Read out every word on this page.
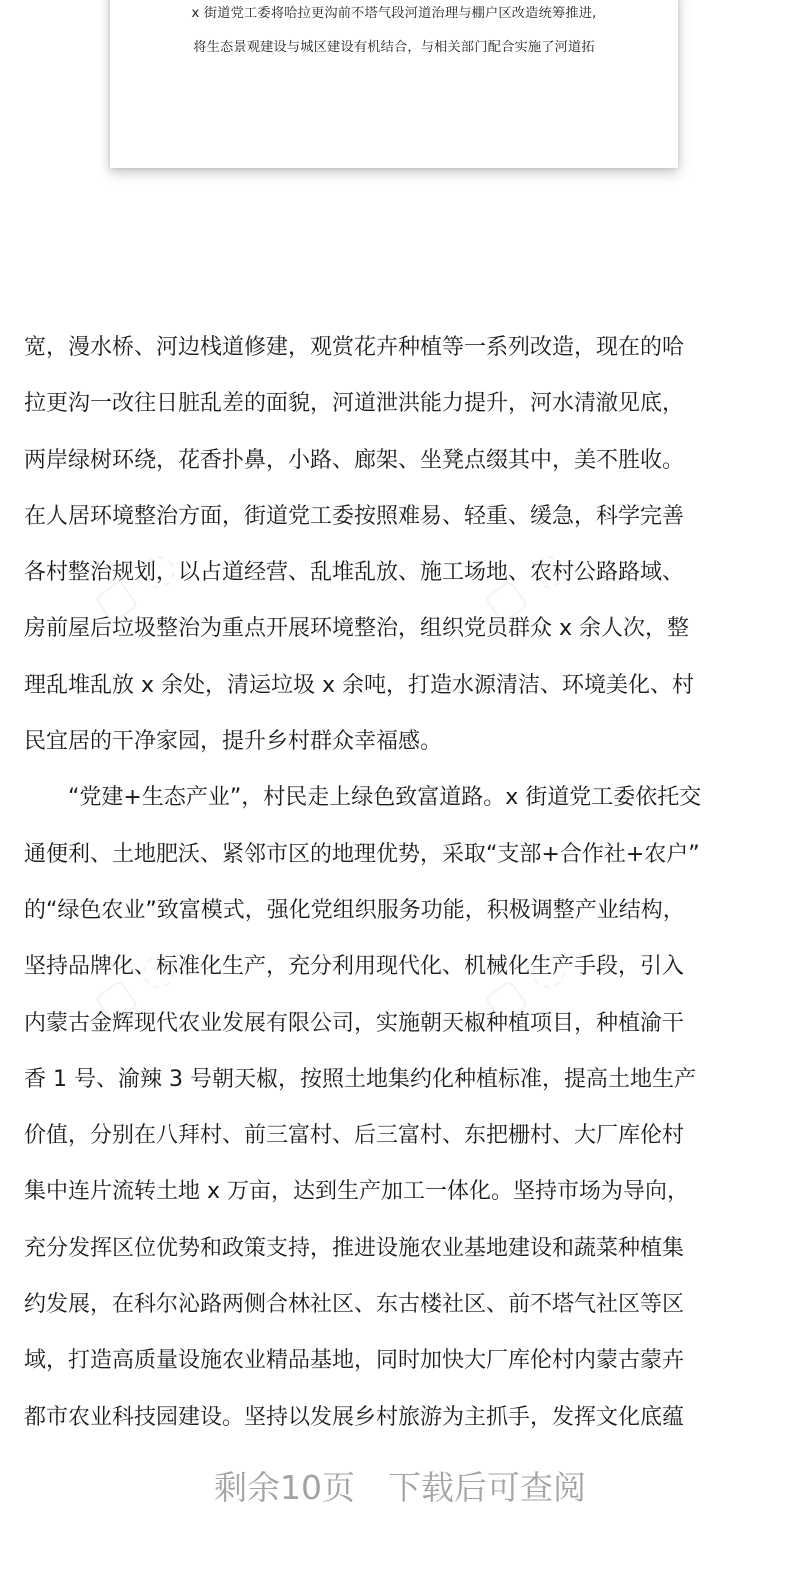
x 街道党工委将哈拉更沟前不塔气段河道治理与棚户区改造统筹推进,
将生态景观建设与城区建设有机结合，与相关部门配合实施了河道拓
宽，漫水桥、河边栈道修建，观赏花卉种植等一系列改造，现在的哈
拉更沟一改往日脏乱差的面貌，河道泄洪能力提升，河水清澈见底，
两岸绿树环绕，花香扑鼻，小路、廊架、坐凳点缀其中，美不胜收。
在人居环境整治方面，街道党工委按照难易、轻重、缓急，科学完善
各村整治规划，以占道经营、乱堆乱放、施工场地、农村公路路域、
房前屋后垃圾整治为重点开展环境整治，组织党员群众 x 余人次，整
理乱堆乱放 x 余处，清运垃圾 x 余吨，打造水源清洁、环境美化、村
民宜居的干净家园，提升乡村群众幸福感。
　　“党建+生态产业”，村民走上绿色致富道路。x 街道党工委依托交
通便利、土地肥沃、紧邻市区的地理优势，采取“支部+合作社+农户”
的“绿色农业”致富模式，强化党组织服务功能，积极调整产业结构，
坚持品牌化、标准化生产，充分利用现代化、机械化生产手段，引入
内蒙古金辉现代农业发展有限公司，实施朝天椒种植项目，种植渝干
香 1 号、渝辣 3 号朝天椒，按照土地集约化种植标准，提高土地生产
价值，分别在八拜村、前三富村、后三富村、东把栅村、大厂库伦村
集中连片流转土地 x 万亩，达到生产加工一体化。坚持市场为导向，
充分发挥区位优势和政策支持，推进设施农业基地建设和蔬菜种植集
约发展，在科尔沁路两侧合林社区、东古楼社区、前不塔气社区等区
域，打造高质量设施农业精品基地，同时加快大厂库伦村内蒙古蒙卉
都市农业科技园建设。坚持以发展乡村旅游为主抓手，发挥文化底蕴
剩余10页　下载后可查阅
